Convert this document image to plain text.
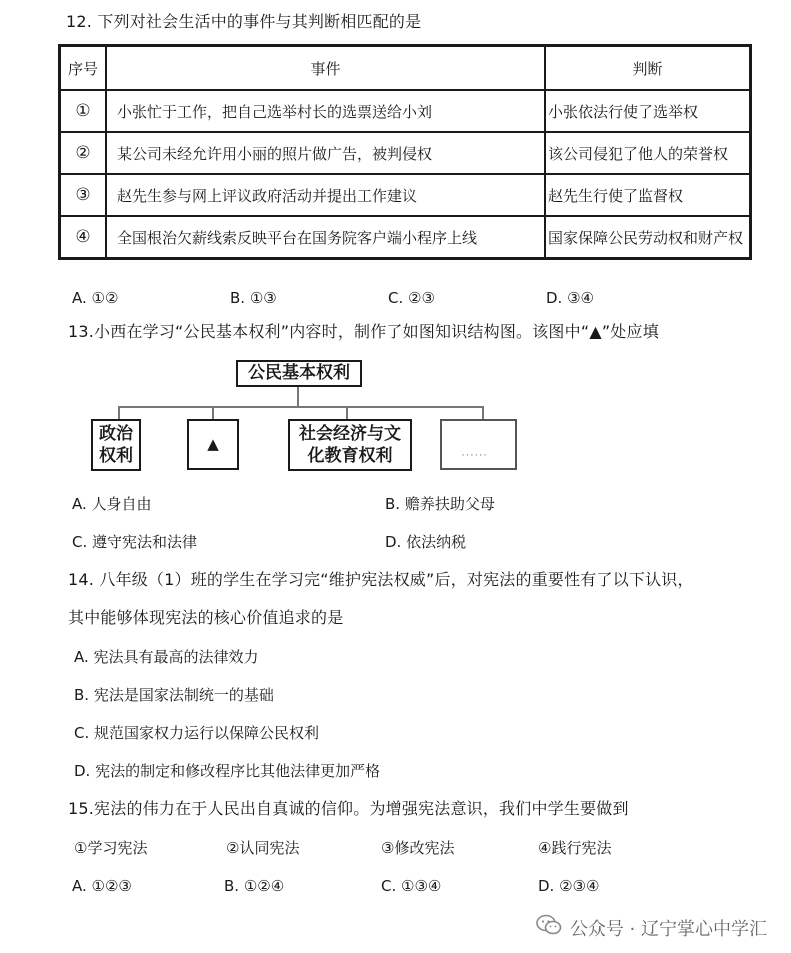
12. 下列对社会生活中的事件与其判断相匹配的是
序号	事件	判断
①	小张忙于工作，把自己选举村长的选票送给小刘	小张依法行使了选举权
②	某公司未经允许用小丽的照片做广告，被判侵权	该公司侵犯了他人的荣誉权
③	赵先生参与网上评议政府活动并提出工作建议	赵先生行使了监督权
④	全国根治欠薪线索反映平台在国务院客户端小程序上线	国家保障公民劳动权和财产权
A. ①②	B. ①③	C. ②③	D. ③④
13.小西在学习“公民基本权利”内容时，制作了如图知识结构图。该图中“▲”处应填
公民基本权利
政治
权利
▲	社会经济与文
化教育权利	· · · · · ·
A. 人身自由	B. 赡养扶助父母
C. 遵守宪法和法律	D. 依法纳税
14. 八年级（1）班的学生在学习完“维护宪法权威”后，对宪法的重要性有了以下认识，
其中能够体现宪法的核心价值追求的是
A. 宪法具有最高的法律效力
B. 宪法是国家法制统一的基础
C. 规范国家权力运行以保障公民权利
D. 宪法的制定和修改程序比其他法律更加严格
15.宪法的伟力在于人民出自真诚的信仰。为增强宪法意识，我们中学生要做到
①学习宪法	②认同宪法	③修改宪法	④践行宪法
A. ①②③	B. ①②④	C. ①③④	D. ②③④
公众号 · 辽宁掌心中学汇
